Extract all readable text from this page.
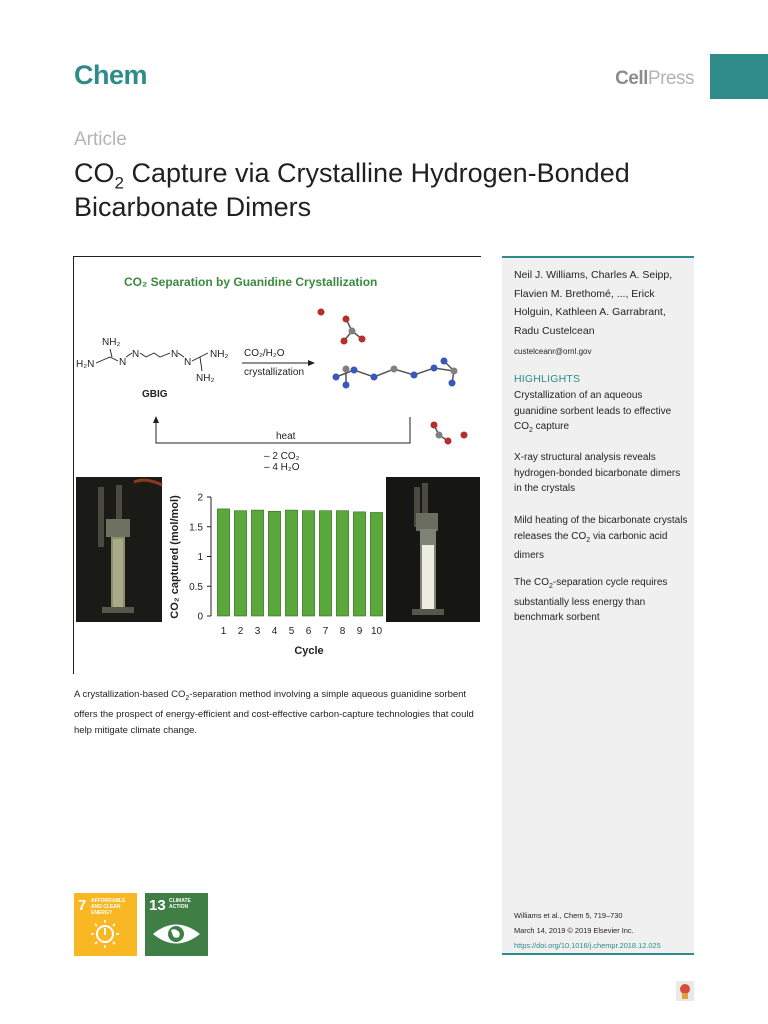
Chem	CellPress
Article
$CO_2$ Capture via Crystalline Hydrogen-Bonded Bicarbonate Dimers
CO₂ Separation by Guanidine Crystallization
NH₂
H₂N N
N	N
N
NH₂
NH₂
GBIG
CO₂/H₂O
crystallization
heat
– 2 CO₂
– 4 H₂O
0
0.5
1
1.5
2
1 2 3 4 5 6 7 8 9 10
Cycle
CO₂ captured (mol/mol)
A crystallization-based $CO_2$-separation method involving a simple aqueous guanidine sorbent offers the prospect of energy-efficient and cost-effective carbon-capture technologies that could help mitigate climate change.
Neil J. Williams, Charles A. Seipp, Flavien M. Brethomé, ..., Erick Holguin, Kathleen A. Garrabrant, Radu Custelcean
custelceanr@ornl.gov
HIGHLIGHTS
Crystallization of an aqueous guanidine sorbent leads to effective $CO_2$ capture
X-ray structural analysis reveals hydrogen-bonded bicarbonate dimers in the crystals
Mild heating of the bicarbonate crystals releases the $CO_2$ via carbonic acid dimers
The $CO_2$-separation cycle requires substantially less energy than benchmark sorbent
Williams et al., Chem 5, 719–730
March 14, 2019 © 2019 Elsevier Inc.
https://doi.org/10.1016/j.chempr.2018.12.025
7 AFFORDABLE AND CLEAN ENERGY	13 CLIMATE ACTION
